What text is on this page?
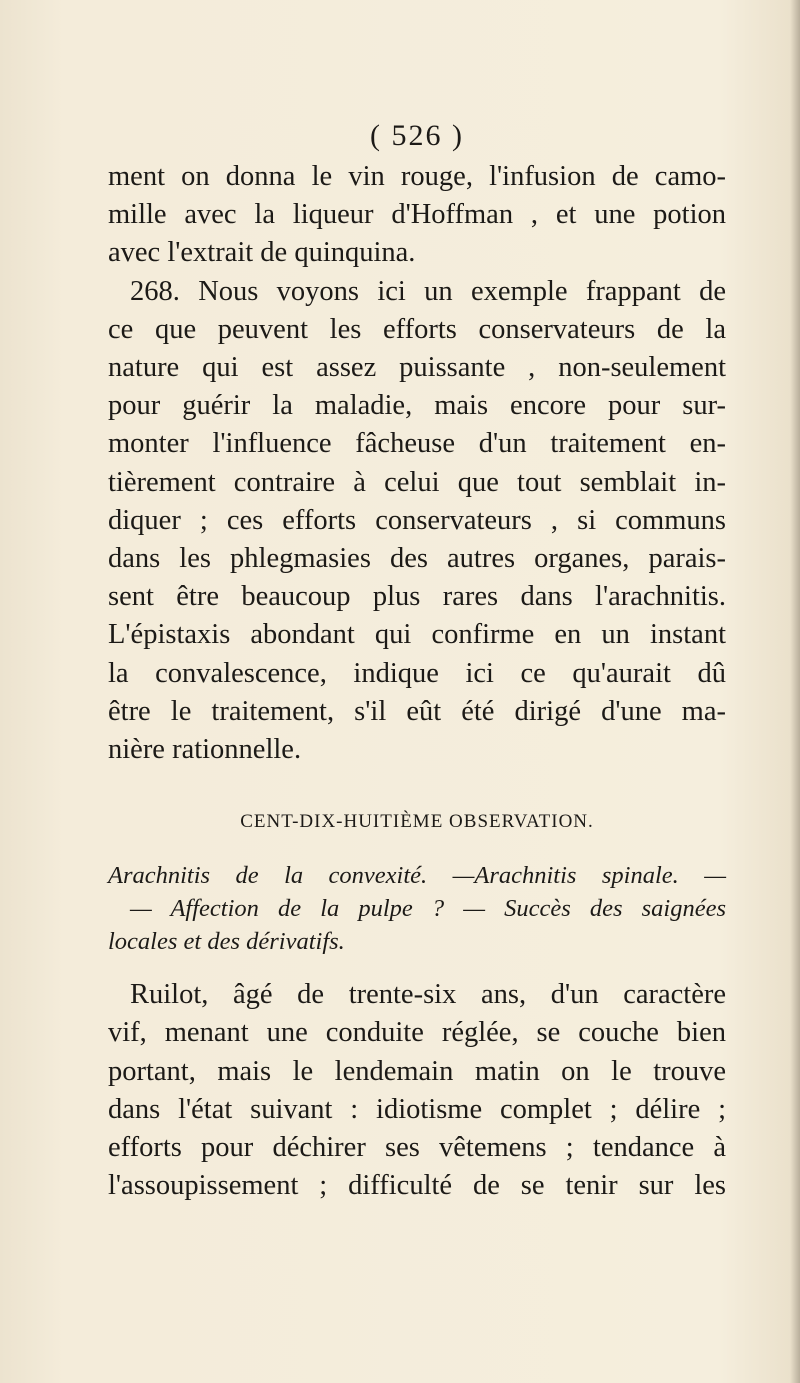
( 526 )

ment on donna le vin rouge, l'infusion de camo-
mille avec la liqueur d'Hoffman , et une potion
avec l'extrait de quinquina.

268. Nous voyons ici un exemple frappant de
ce que peuvent les efforts conservateurs de la
nature qui est assez puissante , non-seulement
pour guérir la maladie, mais encore pour sur-
monter l'influence fâcheuse d'un traitement en-
tièrement contraire à celui que tout semblait in-
diquer ; ces efforts conservateurs , si communs
dans les phlegmasies des autres organes, parais-
sent être beaucoup plus rares dans l'arachnitis.
L'épistaxis abondant qui confirme en un instant
la convalescence, indique ici ce qu'aurait dû
être le traitement, s'il eût été dirigé d'une ma-
nière rationnelle.

CENT-DIX-HUITIÈME OBSERVATION.

Arachnitis de la convexité. —Arachnitis spinale. —
— Affection de la pulpe ? — Succès des saignées
locales et des dérivatifs.

Ruilot, âgé de trente-six ans, d'un caractère
vif, menant une conduite réglée, se couche bien
portant, mais le lendemain matin on le trouve
dans l'état suivant : idiotisme complet ; délire ;
efforts pour déchirer ses vêtemens ; tendance à
l'assoupissement ; difficulté de se tenir sur les
